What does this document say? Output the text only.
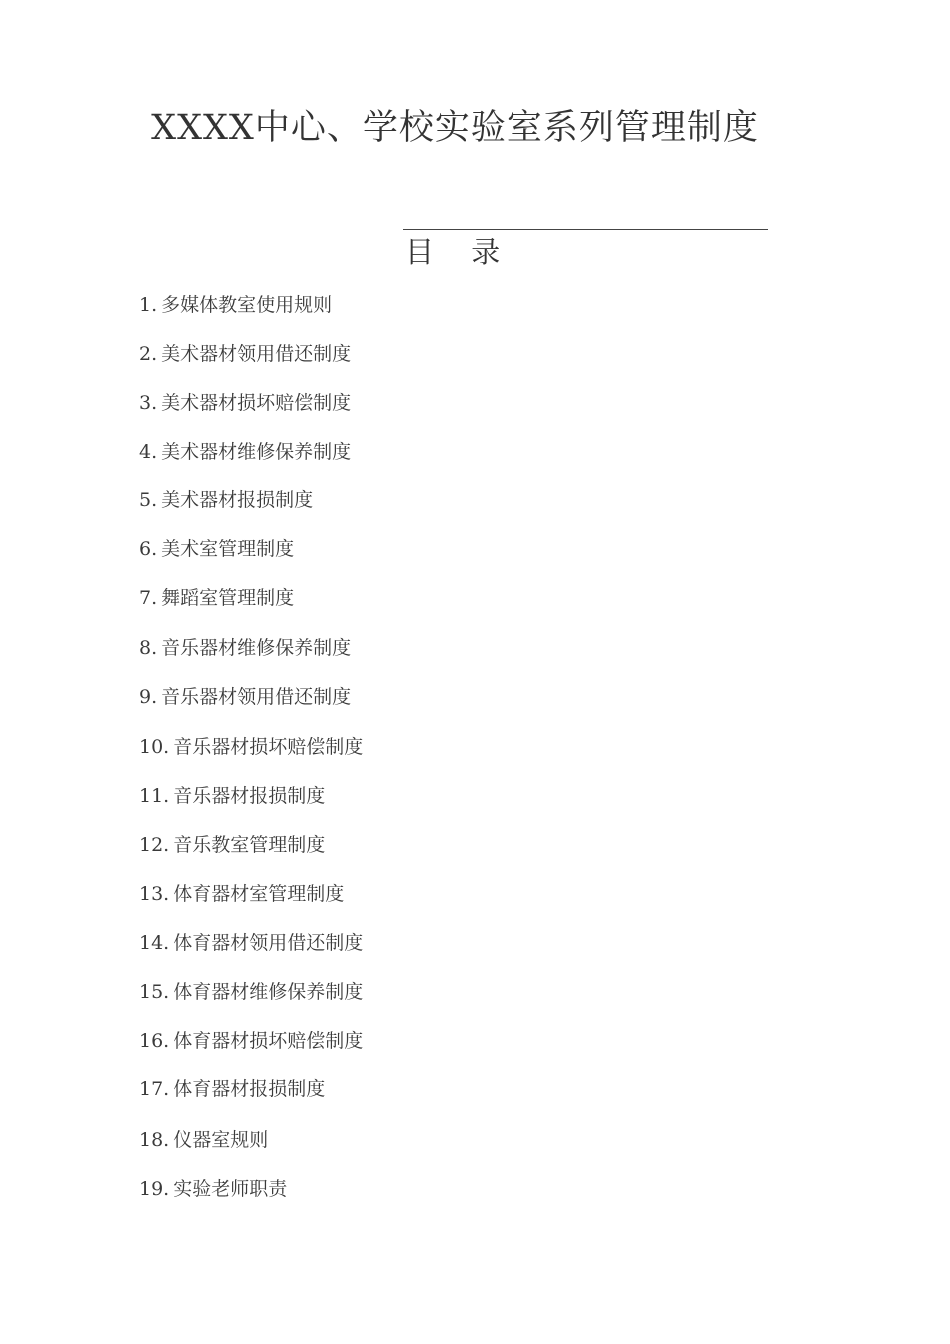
XXXX中心、学校实验室系列管理制度
目 录
1. 多媒体教室使用规则
2. 美术器材领用借还制度
3. 美术器材损坏赔偿制度
4. 美术器材维修保养制度
5. 美术器材报损制度
6. 美术室管理制度
7. 舞蹈室管理制度
8. 音乐器材维修保养制度
9. 音乐器材领用借还制度
10. 音乐器材损坏赔偿制度
11. 音乐器材报损制度
12. 音乐教室管理制度
13. 体育器材室管理制度
14. 体育器材领用借还制度
15. 体育器材维修保养制度
16. 体育器材损坏赔偿制度
17. 体育器材报损制度
18. 仪器室规则
19. 实验老师职责
